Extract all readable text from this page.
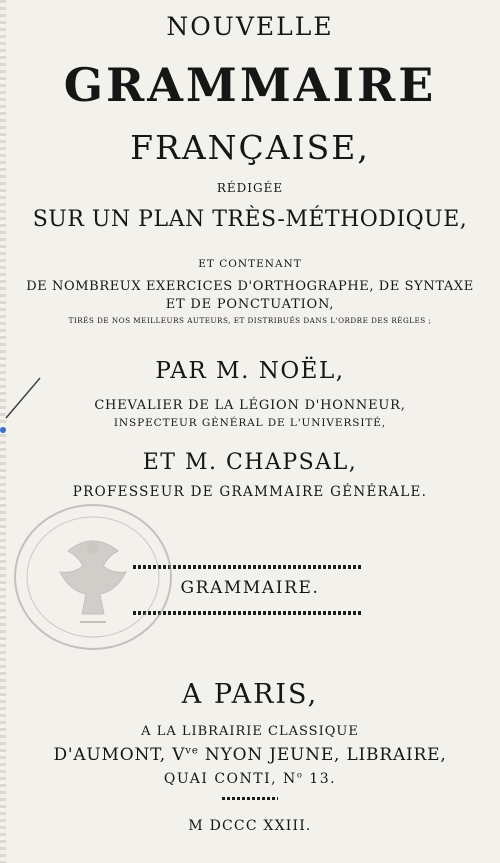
NOUVELLE
GRAMMAIRE
FRANÇAISE,
RÉDIGÉE
SUR UN PLAN TRÈS-MÉTHODIQUE,
ET CONTENANT
DE NOMBREUX EXERCICES D'ORTHOGRAPHE, DE SYNTAXE
ET DE PONCTUATION,
TIRÉS DE NOS MEILLEURS AUTEURS, ET DISTRIBUÉS DANS L'ORDRE DES RÈGLES ;
PAR M. NOËL,
CHEVALIER DE LA LÉGION D'HONNEUR,
INSPECTEUR GÉNÉRAL DE L'UNIVERSITÉ,
ET M. CHAPSAL,
PROFESSEUR DE GRAMMAIRE GÉNÉRALE.
GRAMMAIRE.
A PARIS,
A LA LIBRAIRIE CLASSIQUE
D'AUMONT, $V^{ve}$ NYON JEUNE, LIBRAIRE,
QUAI CONTI, $N^o$ 13.
M DCCC XXIII.
